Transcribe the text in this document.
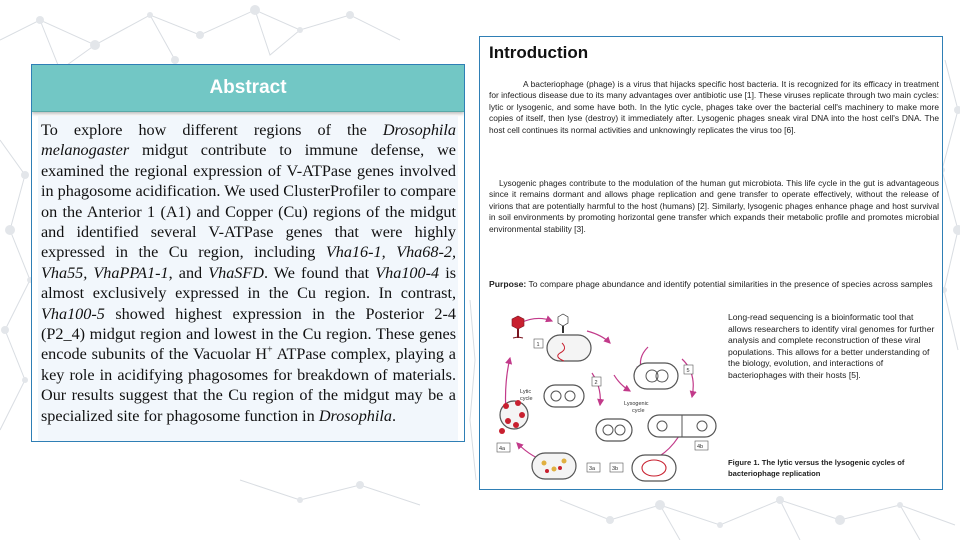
Abstract
To explore how different regions of the Drosophila melanogaster midgut contribute to immune defense, we examined the regional expression of V-ATPase genes involved in phagosome acidification. We used ClusterProfiler to compare on the Anterior 1 (A1) and Copper (Cu) regions of the midgut and identified several V-ATPase genes that were highly expressed in the Cu region, including Vha16-1, Vha68-2, Vha55, VhaPPA1-1, and VhaSFD. We found that Vha100-4 is almost exclusively expressed in the Cu region. In contrast, Vha100-5 showed highest expression in the Posterior 2-4 (P2_4) midgut region and lowest in the Cu region. These genes encode subunits of the Vacuolar H+ ATPase complex, playing a key role in acidifying phagosomes for breakdown of materials. Our results suggest that the Cu region of the midgut may be a specialized site for phagosome function in Drosophila.
Introduction
A bacteriophage (phage) is a virus that hijacks specific host bacteria. It is recognized for its efficacy in treatment for infectious disease due to its many advantages over antibiotic use [1]. These viruses replicate through two main cycles: lytic or lysogenic, and some have both. In the lytic cycle, phages take over the bacterial cell's machinery to make more copies of itself, then lyse (destroy) it immediately after. Lysogenic phages sneak viral DNA into the host cell's DNA. The host cell continues its normal activities and unknowingly replicates the virus too [6].
Lysogenic phages contribute to the modulation of the human gut microbiota. This life cycle in the gut is advantageous since it remains dormant and allows phage replication and gene transfer to operate effectively, without the release of virions that are potentially harmful to the host (humans) [2]. Similarly, lysogenic phages enhance phage and host survival in soil environments by promoting horizontal gene transfer which expands their metabolic profile and promotes microbial environmental stability [3].
Purpose: To compare phage abundance and identify potential similarities in the presence of species across samples
Lytic
cycle
Lysogenic
cycle
1
2
3a	3b
4a	4b
5
Long-read sequencing is a bioinformatic tool that allows researchers to identify viral genomes for further analysis and complete reconstruction of these viral populations. This allows for a better understanding of the biology, evolution, and interactions of bacteriophages with their hosts [5].
Figure 1. The lytic versus the lysogenic cycles of bacteriophage replication
